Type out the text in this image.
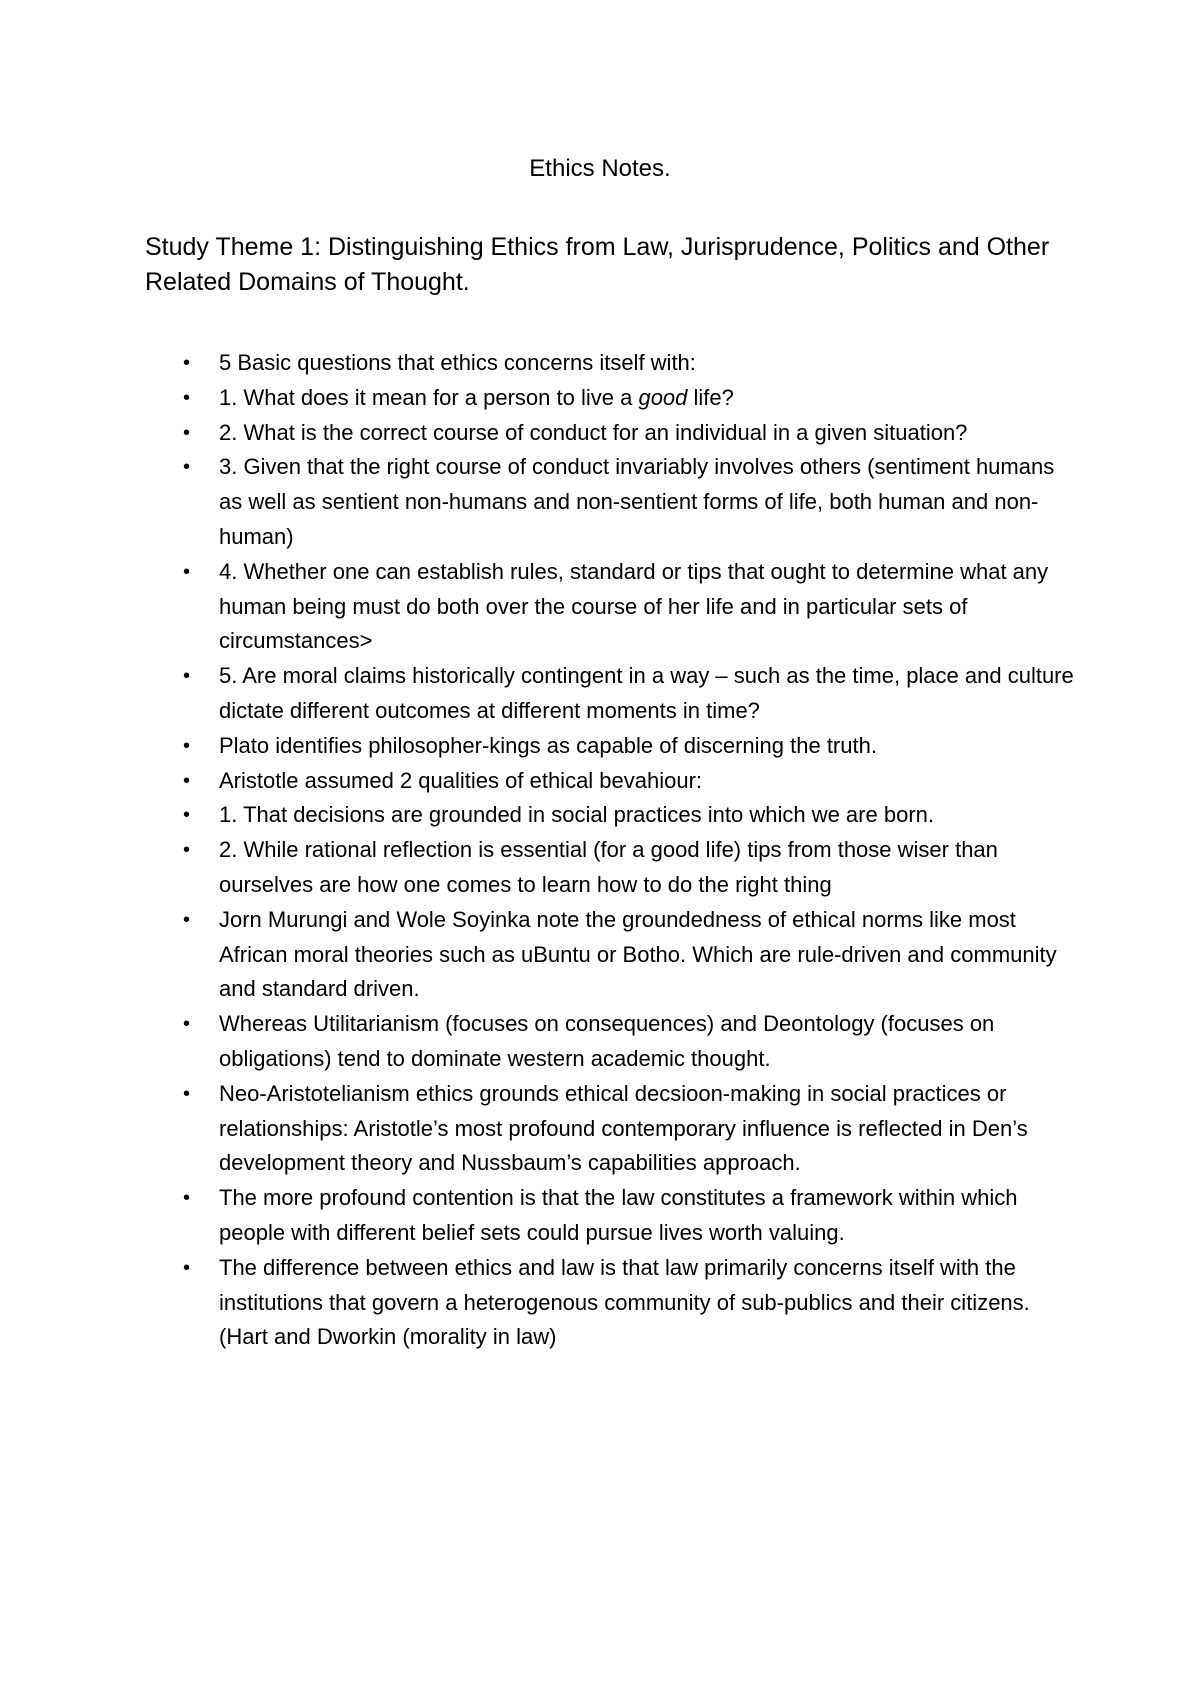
Ethics Notes.
Study Theme 1: Distinguishing Ethics from Law, Jurisprudence, Politics and Other Related Domains of Thought.
• 5 Basic questions that ethics concerns itself with:
• 1. What does it mean for a person to live a good life?
• 2. What is the correct course of conduct for an individual in a given situation?
• 3. Given that the right course of conduct invariably involves others (sentiment humans as well as sentient non-humans and non-sentient forms of life, both human and non-human)
• 4. Whether one can establish rules, standard or tips that ought to determine what any human being must do both over the course of her life and in particular sets of circumstances>
• 5. Are moral claims historically contingent in a way – such as the time, place and culture dictate different outcomes at different moments in time?
• Plato identifies philosopher-kings as capable of discerning the truth.
• Aristotle assumed 2 qualities of ethical bevahiour:
• 1. That decisions are grounded in social practices into which we are born.
• 2. While rational reflection is essential (for a good life) tips from those wiser than ourselves are how one comes to learn how to do the right thing
• Jorn Murungi and Wole Soyinka note the groundedness of ethical norms like most African moral theories such as uBuntu or Botho. Which are rule-driven and community and standard driven.
• Whereas Utilitarianism (focuses on consequences) and Deontology (focuses on obligations) tend to dominate western academic thought.
• Neo-Aristotelianism ethics grounds ethical decsioon-making in social practices or relationships: Aristotle’s most profound contemporary influence is reflected in Den’s development theory and Nussbaum’s capabilities approach.
• The more profound contention is that the law constitutes a framework within which people with different belief sets could pursue lives worth valuing.
• The difference between ethics and law is that law primarily concerns itself with the institutions that govern a heterogenous community of sub-publics and their citizens. (Hart and Dworkin (morality in law)
